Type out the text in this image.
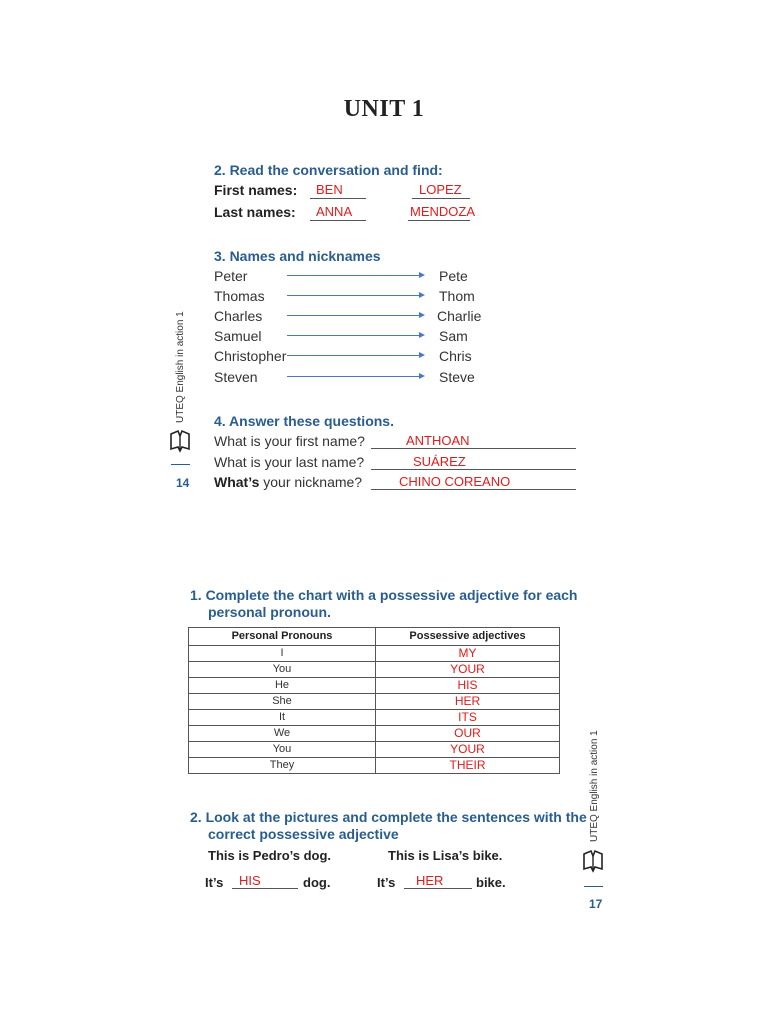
UNIT 1
2. Read the conversation and find:
First names: BEN	LOPEZ
Last names: ANNA	MENDOZA
3. Names and nicknames
Peter	Pete
Thomas	Thom
Charles	Charlie
Samuel	Sam
Christopher	Chris
Steven	Steve
4. Answer these questions.
What is your first name?	ANTHOAN
What is your last name?	SUÁREZ
What’s your nickname?	CHINO COREANO
UTEQ English in action 1
14
1. Complete the chart with a possessive adjective for each
personal pronoun.
Personal Pronouns	Possessive adjectives
I	MY
You	YOUR
He	HIS
She	HER
It	ITS
We	OUR
You	YOUR
They	THEIR
2. Look at the pictures and complete the sentences with the
correct possessive adjective
This is Pedro’s dog.	This is Lisa’s bike.
It’s HIS	dog.	It’s HER	bike.
UTEQ English in action 1
17
